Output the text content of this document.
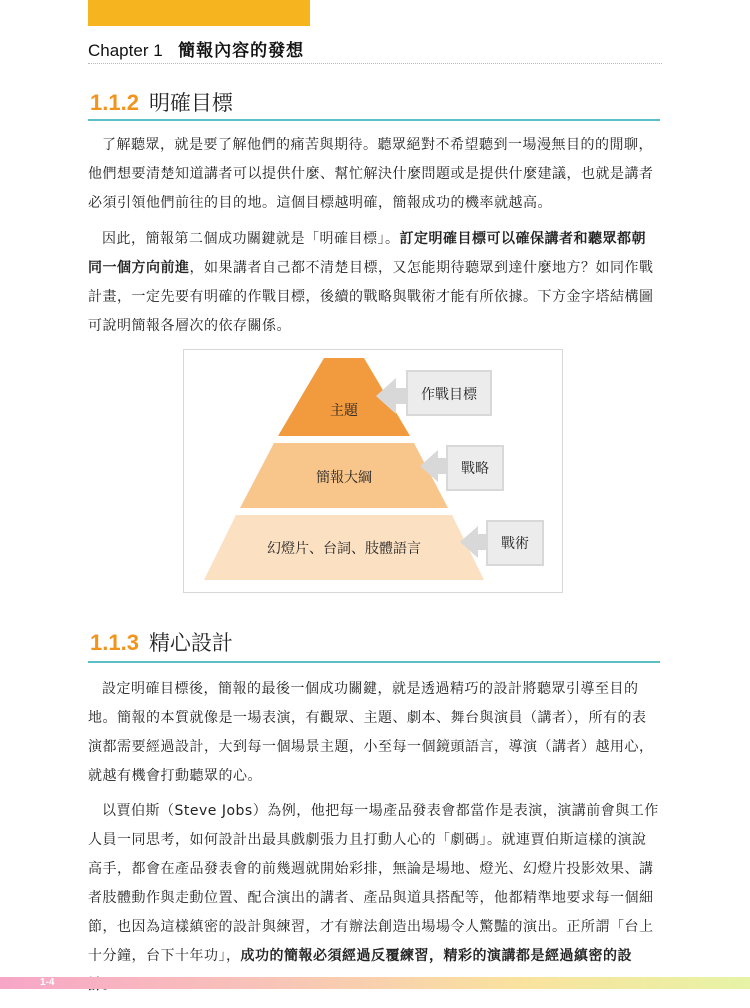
Chapter 1 簡報內容的發想
1.1.2 明確目標

了解聽眾，就是要了解他們的痛苦與期待。聽眾絕對不希望聽到一場漫無目的的閒聊，他們想要清楚知道講者可以提供什麼、幫忙解決什麼問題或是提供什麼建議，也就是講者必須引領他們前往的目的地。這個目標越明確，簡報成功的機率就越高。

因此，簡報第二個成功關鍵就是「明確目標」。訂定明確目標可以確保講者和聽眾都朝同一個方向前進，如果講者自己都不清楚目標，又怎能期待聽眾到達什麼地方？如同作戰計畫，一定先要有明確的作戰目標，後續的戰略與戰術才能有所依據。下方金字塔結構圖可說明簡報各層次的依存關係。

主題
簡報大綱
幻燈片、台詞、肢體語言
作戰目標
戰略
戰術
1.1.3 精心設計

設定明確目標後，簡報的最後一個成功關鍵，就是透過精巧的設計將聽眾引導至目的地。簡報的本質就像是一場表演，有觀眾、主題、劇本、舞台與演員（講者），所有的表演都需要經過設計，大到每一個場景主題，小至每一個鏡頭語言，導演（講者）越用心，就越有機會打動聽眾的心。

以賈伯斯（Steve Jobs）為例，他把每一場產品發表會都當作是表演，演講前會與工作人員一同思考，如何設計出最具戲劇張力且打動人心的「劇碼」。就連賈伯斯這樣的演說高手，都會在產品發表會的前幾週就開始彩排，無論是場地、燈光、幻燈片投影效果、講者肢體動作與走動位置、配合演出的講者、產品與道具搭配等，他都精準地要求每一個細節，也因為這樣縝密的設計與練習，才有辦法創造出場場令人驚豔的演出。正所謂「台上十分鐘，台下十年功」，成功的簡報必須經過反覆練習，精彩的演講都是經過縝密的設

1-4
